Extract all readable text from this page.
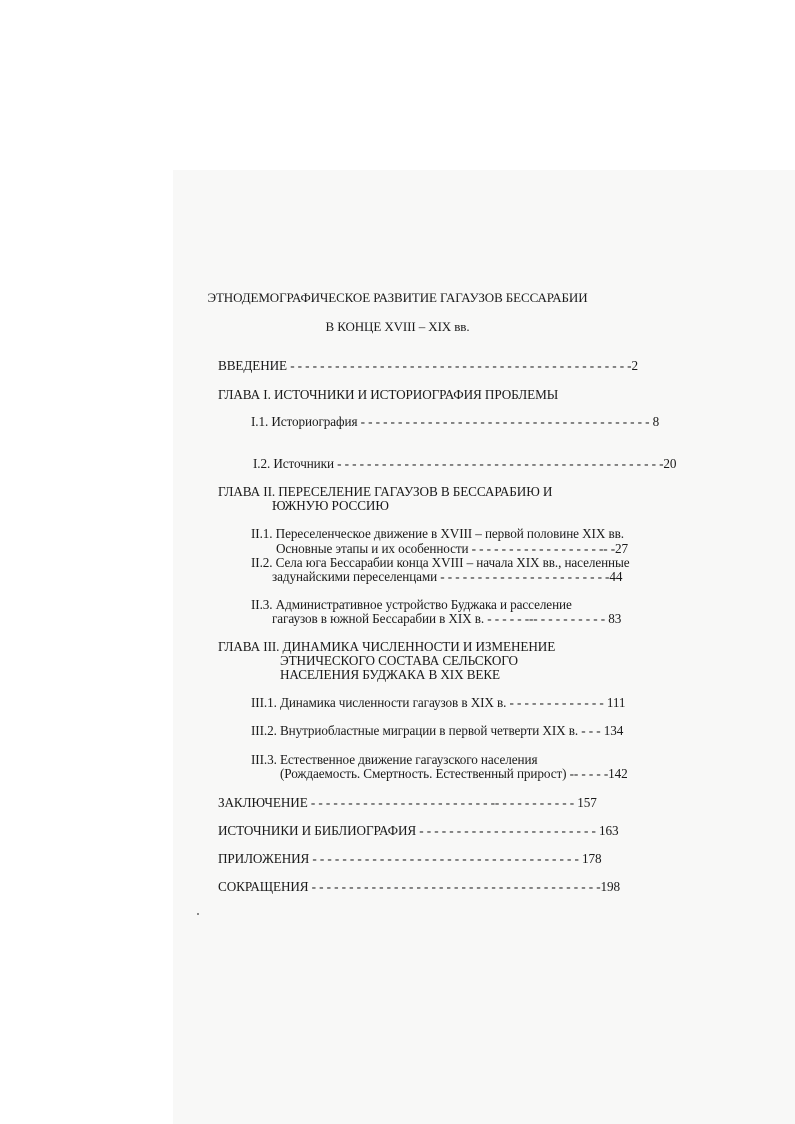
ЭТНОДЕМОГРАФИЧЕСКОЕ РАЗВИТИЕ ГАГАУЗОВ БЕССАРАБИИ
В КОНЦЕ XVIII – XIX вв.
ВВЕДЕНИЕ - - - - - - - - - - - - - - - - - - - - - - - - - - - - - - - - - - - - - - - - - - - - - -2
ГЛАВА I. ИСТОЧНИКИ И ИСТОРИОГРАФИЯ ПРОБЛЕМЫ
I.1. Историография - - - - - - - - - - - - - - - - - - - - - - - - - - - - - - - - - - - - - - - 8
I.2. Источники - - - - - - - - - - - - - - - - - - - - - - - - - - - - - - - - - - - - - - - - - - - -20
ГЛАВА II. ПЕРЕСЕЛЕНИЕ ГАГАУЗОВ В БЕССАРАБИЮ И
ЮЖНУЮ РОССИЮ
II.1. Переселенческое движение в XVIII – первой половине XIX вв.
Основные этапы и их особенности - - - - - - - - - - - - - - - - - -- -27
II.2. Села юга Бессарабии конца XVIII – начала XIX вв., населенные
задунайскими переселенцами - - - - - - - - - - - - - - - - - - - - - - -44
II.3. Административное устройство Буджака и расселение
гагаузов в южной Бессарабии в XIX в. - - - - - --- - - - - - - - - - 83
ГЛАВА III. ДИНАМИКА ЧИСЛЕННОСТИ И ИЗМЕНЕНИЕ
ЭТНИЧЕСКОГО СОСТАВА СЕЛЬСКОГО
НАСЕЛЕНИЯ БУДЖАКА В XIX ВЕКЕ
III.1. Динамика численности гагаузов в XIX в. - - - - - - - - - - - - - 111
III.2. Внутриобластные миграции в первой четверти XIX в. - - - 134
III.3. Естественное движение гагаузского населения
(Рождаемость. Смертность. Естественный прирост) -- - - - -142
ЗАКЛЮЧЕНИЕ - - - - - - - - - - - - - - - - - - - - - - - - -- - - - - - - - - - - 157
ИСТОЧНИКИ И БИБЛИОГРАФИЯ - - - - - - - - - - - - - - - - - - - - - - - - 163
ПРИЛОЖЕНИЯ - - - - - - - - - - - - - - - - - - - - - - - - - - - - - - - - - - - - 178
СОКРАЩЕНИЯ - - - - - - - - - - - - - - - - - - - - - - - - - - - - - - - - - - - - - - -198
